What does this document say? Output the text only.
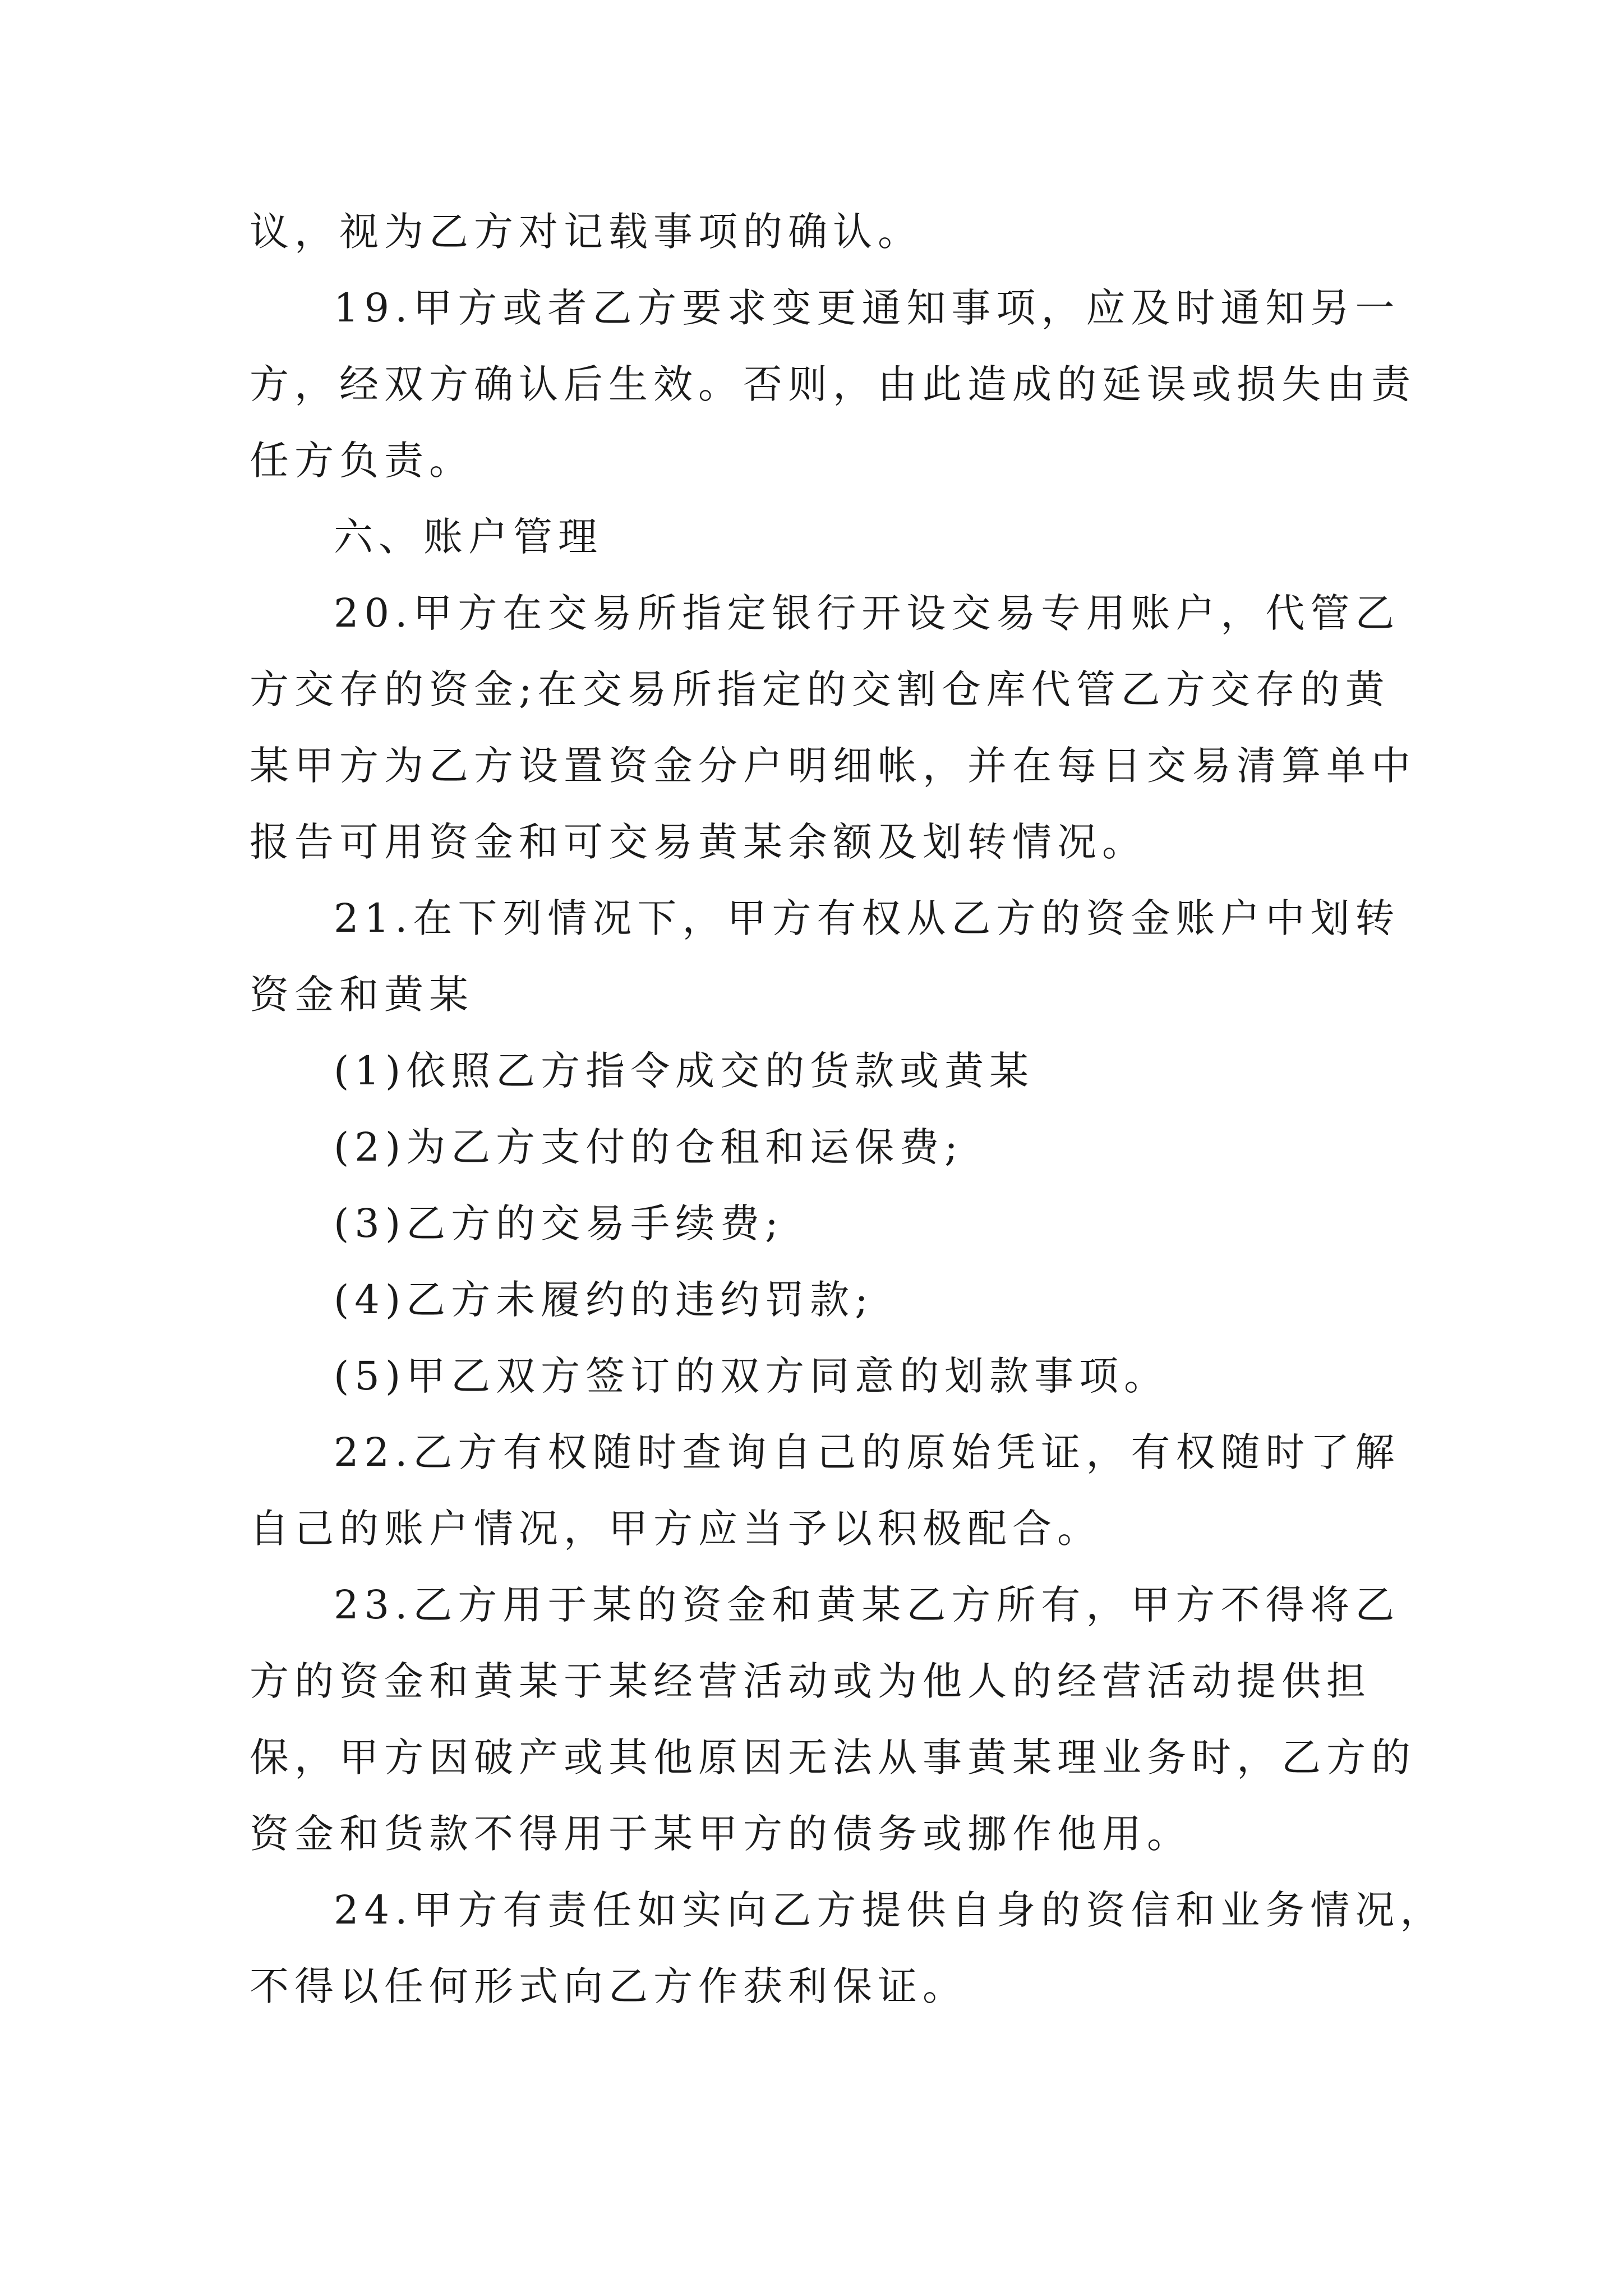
议，视为乙方对记载事项的确认。
19.甲方或者乙方要求变更通知事项，应及时通知另一
方，经双方确认后生效。否则，由此造成的延误或损失由责
任方负责。
六、账户管理
20.甲方在交易所指定银行开设交易专用账户，代管乙
方交存的资金;在交易所指定的交割仓库代管乙方交存的黄
某甲方为乙方设置资金分户明细帐，并在每日交易清算单中
报告可用资金和可交易黄某余额及划转情况。
21.在下列情况下，甲方有权从乙方的资金账户中划转
资金和黄某
(1)依照乙方指令成交的货款或黄某
(2)为乙方支付的仓租和运保费;
(3)乙方的交易手续费;
(4)乙方未履约的违约罚款;
(5)甲乙双方签订的双方同意的划款事项。
22.乙方有权随时查询自己的原始凭证，有权随时了解
自己的账户情况，甲方应当予以积极配合。
23.乙方用于某的资金和黄某乙方所有，甲方不得将乙
方的资金和黄某于某经营活动或为他人的经营活动提供担
保，甲方因破产或其他原因无法从事黄某理业务时，乙方的
资金和货款不得用于某甲方的债务或挪作他用。
24.甲方有责任如实向乙方提供自身的资信和业务情况，
不得以任何形式向乙方作获利保证。
